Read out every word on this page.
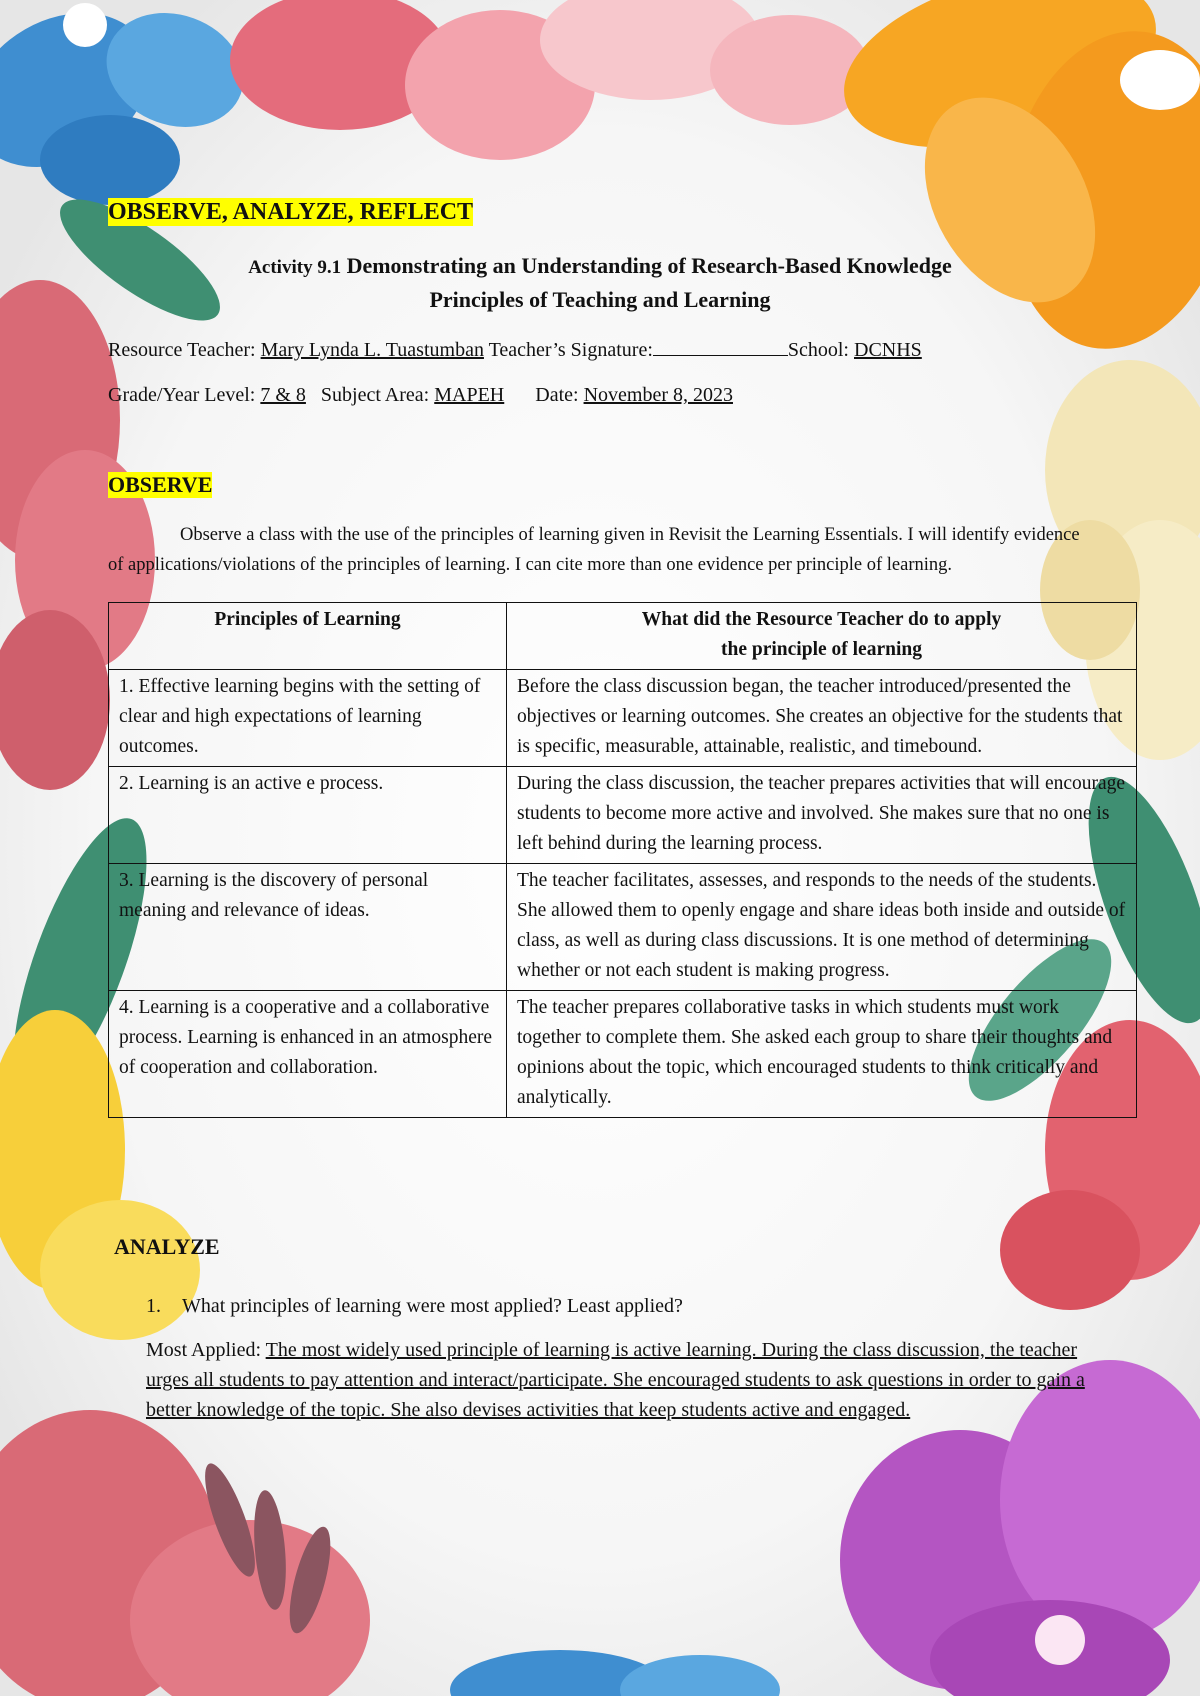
OBSERVE, ANALYZE, REFLECT
Activity 9.1 Demonstrating an Understanding of Research-Based Knowledge
Principles of Teaching and Learning
Resource Teacher: Mary Lynda L. Tuastumban Teacher’s Signature:	School: DCNHS
Grade/Year Level: 7 & 8 Subject Area: MAPEH Date: November 8, 2023
OBSERVE
Observe a class with the use of the principles of learning given in Revisit the Learning Essentials. I will identify evidence of applications/violations of the principles of learning. I can cite more than one evidence per principle of learning.
Principles of Learning	What did the Resource Teacher do to apply the principle of learning
1. Effective learning begins with the setting of clear and high expectations of learning outcomes.	Before the class discussion began, the teacher introduced/presented the objectives or learning outcomes. She creates an objective for the students that is specific, measurable, attainable, realistic, and timebound.
2. Learning is an active e process.	During the class discussion, the teacher prepares activities that will encourage students to become more active and involved. She makes sure that no one is left behind during the learning process.
3. Learning is the discovery of personal meaning and relevance of ideas.	The teacher facilitates, assesses, and responds to the needs of the students. She allowed them to openly engage and share ideas both inside and outside of class, as well as during class discussions. It is one method of determining whether or not each student is making progress.
4. Learning is a cooperative and a collaborative process. Learning is enhanced in an atmosphere of cooperation and collaboration.	The teacher prepares collaborative tasks in which students must work together to complete them. She asked each group to share their thoughts and opinions about the topic, which encouraged students to think critically and analytically.
ANALYZE
1. What principles of learning were most applied? Least applied?
Most Applied: The most widely used principle of learning is active learning. During the class discussion, the teacher urges all students to pay attention and interact/participate. She encouraged students to ask questions in order to gain a better knowledge of the topic. She also devises activities that keep students active and engaged.
